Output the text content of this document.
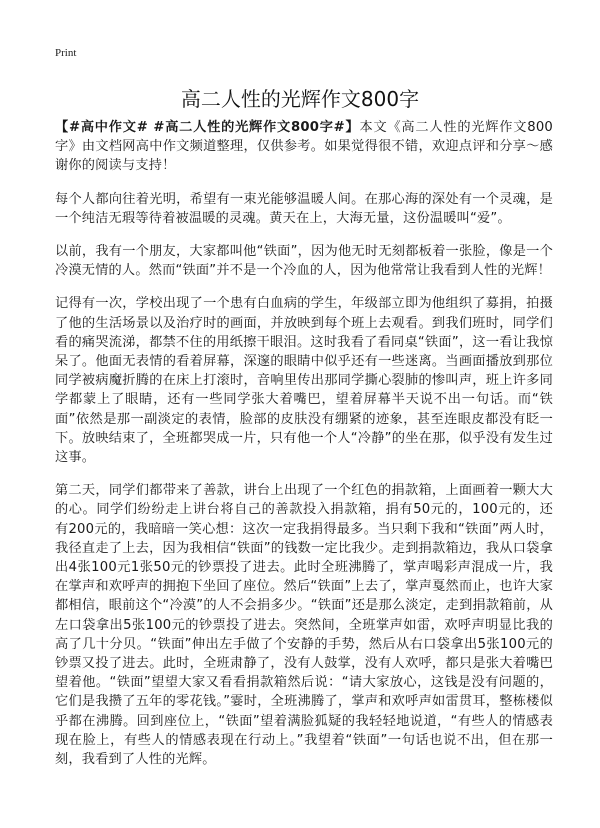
Print
高二人性的光辉作文800字

【#高中作文# #高二人性的光辉作文800字#】本文《高二人性的光辉作文800字》由文档网高中作文频道整理，仅供参考。如果觉得很不错，欢迎点评和分享～感谢你的阅读与支持！

每个人都向往着光明，希望有一束光能够温暖人间。在那心海的深处有一个灵魂，是一个纯洁无瑕等待着被温暖的灵魂。黄天在上，大海无量，这份温暖叫“爱”。

以前，我有一个朋友，大家都叫他“铁面”，因为他无时无刻都板着一张脸，像是一个冷漠无情的人。然而“铁面”并不是一个冷血的人，因为他常常让我看到人性的光辉！

记得有一次，学校出现了一个患有白血病的学生，年级部立即为他组织了募捐，拍摄了他的生活场景以及治疗时的画面，并放映到每个班上去观看。到我们班时，同学们看的痛哭流涕，都禁不住的用纸擦干眼泪。这时我看了看同桌“铁面”，这一看让我惊呆了。他面无表情的看着屏幕，深邃的眼睛中似乎还有一些迷离。当画面播放到那位同学被病魔折腾的在床上打滚时，音响里传出那同学撕心裂肺的惨叫声，班上许多同学都蒙上了眼睛，还有一些同学张大着嘴巴，望着屏幕半天说不出一句话。而“铁面”依然是那一副淡定的表情，脸部的皮肤没有绷紧的迹象，甚至连眼皮都没有眨一下。放映结束了，全班都哭成一片，只有他一个人“冷静”的坐在那，似乎没有发生过这事。

第二天，同学们都带来了善款，讲台上出现了一个红色的捐款箱，上面画着一颗大大的心。同学们纷纷走上讲台将自己的善款投入捐款箱，捐有50元的，100元的，还有200元的，我暗暗一笑心想：这次一定我捐得最多。当只剩下我和“铁面”两人时，我径直走了上去，因为我相信“铁面”的钱数一定比我少。走到捐款箱边，我从口袋拿出4张100元1张50元的钞票投了进去。此时全班沸腾了，掌声喝彩声混成一片，我在掌声和欢呼声的拥抱下坐回了座位。然后“铁面”上去了，掌声戛然而止，也许大家都相信，眼前这个“冷漠”的人不会捐多少。“铁面”还是那么淡定，走到捐款箱前，从左口袋拿出5张100元的钞票投了进去。突然间，全班掌声如雷，欢呼声明显比我的高了几十分贝。“铁面”伸出左手做了个安静的手势，然后从右口袋拿出5张100元的钞票又投了进去。此时，全班肃静了，没有人鼓掌，没有人欢呼，都只是张大着嘴巴望着他。“铁面”望望大家又看看捐款箱然后说：“请大家放心，这钱是没有问题的，它们是我攒了五年的零花钱。”霎时，全班沸腾了，掌声和欢呼声如雷贯耳，整栋楼似乎都在沸腾。回到座位上，“铁面”望着满脸狐疑的我轻轻地说道，“有些人的情感表现在脸上，有些人的情感表现在行动上。”我望着“铁面”一句话也说不出，但在那一刻，我看到了人性的光辉。
